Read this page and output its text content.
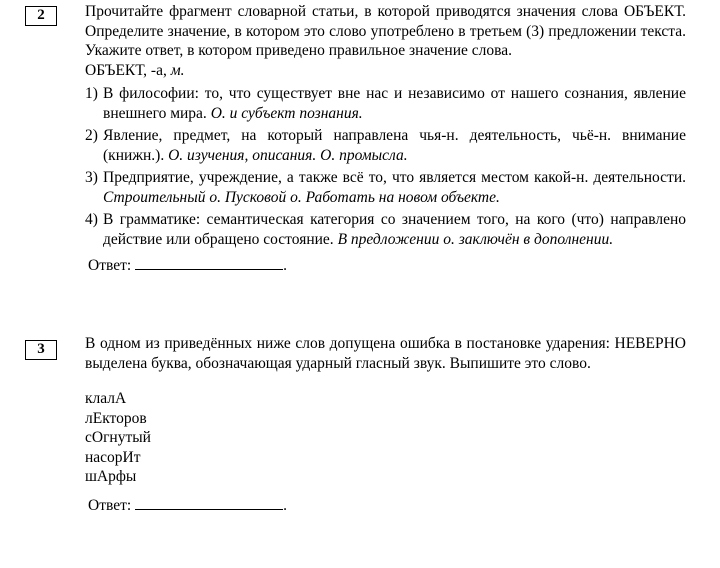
2	Прочитайте фрагмент словарной статьи, в которой приводятся значения слова ОБЪЕКТ. Определите значение, в котором это слово употреблено в третьем (3) предложении текста. Укажите ответ, в котором приведено правильное значение слова.

ОБЪЕКТ, -а, м.

1) В философии: то, что существует вне нас и независимо от нашего сознания, явление внешнего мира. О. и субъект познания.
2) Явление, предмет, на который направлена чья-н. деятельность, чьё-н. внимание (книжн.). О. изучения, описания. О. промысла.
3) Предприятие, учреждение, а также всё то, что является местом какой-н. деятельности. Строительный о. Пусковой о. Работать на новом объекте.
4) В грамматике: семантическая категория со значением того, на кого (что) направлено действие или обращено состояние. В предложении о. заключён в дополнении.
Ответ:	.
3	В одном из приведённых ниже слов допущена ошибка в постановке ударения: НЕВЕРНО выделена буква, обозначающая ударный гласный звук. Выпишите это слово.

клалА
лЕкторов
сОгнутый
насорИт
шАрфы
Ответ:	.
